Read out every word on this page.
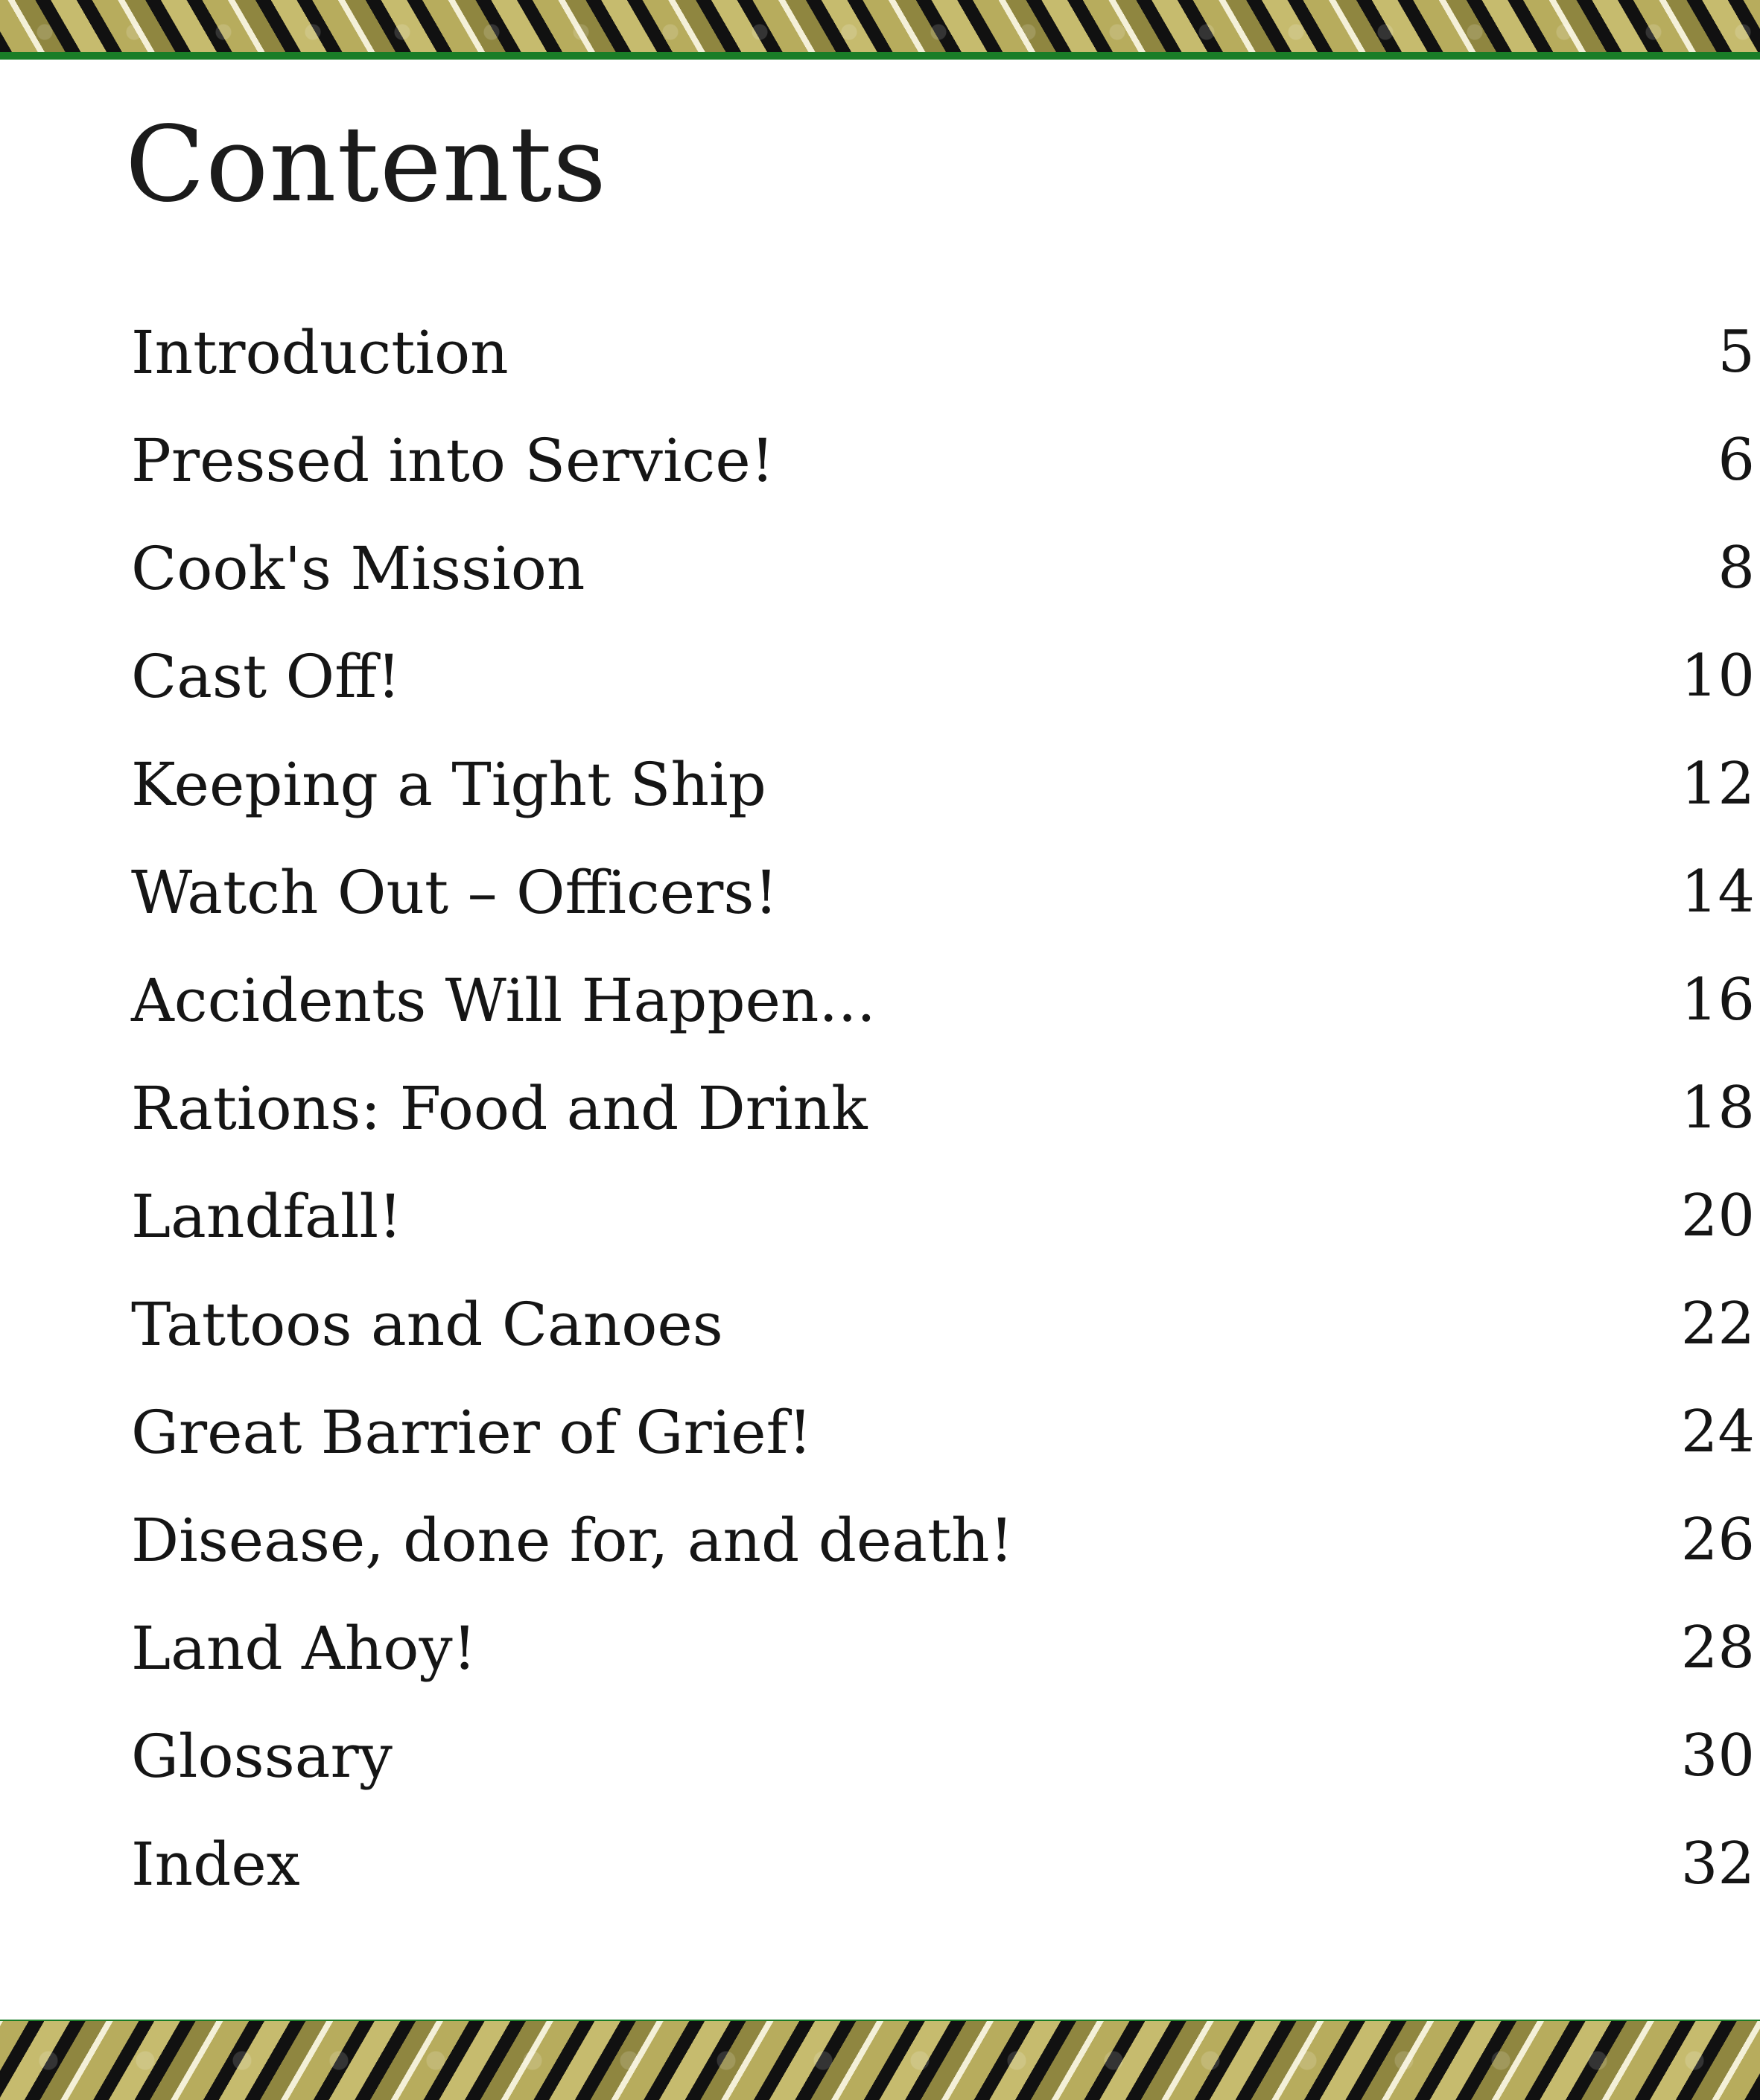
Contents
Introduction	5
Pressed into Service!	6
Cook's Mission	8
Cast Off!	10
Keeping a Tight Ship	12
Watch Out – Officers!	14
Accidents Will Happen...	16
Rations: Food and Drink	18
Landfall!	20
Tattoos and Canoes	22
Great Barrier of Grief!	24
Disease, done for, and death!	26
Land Ahoy!	28
Glossary	30
Index	32
